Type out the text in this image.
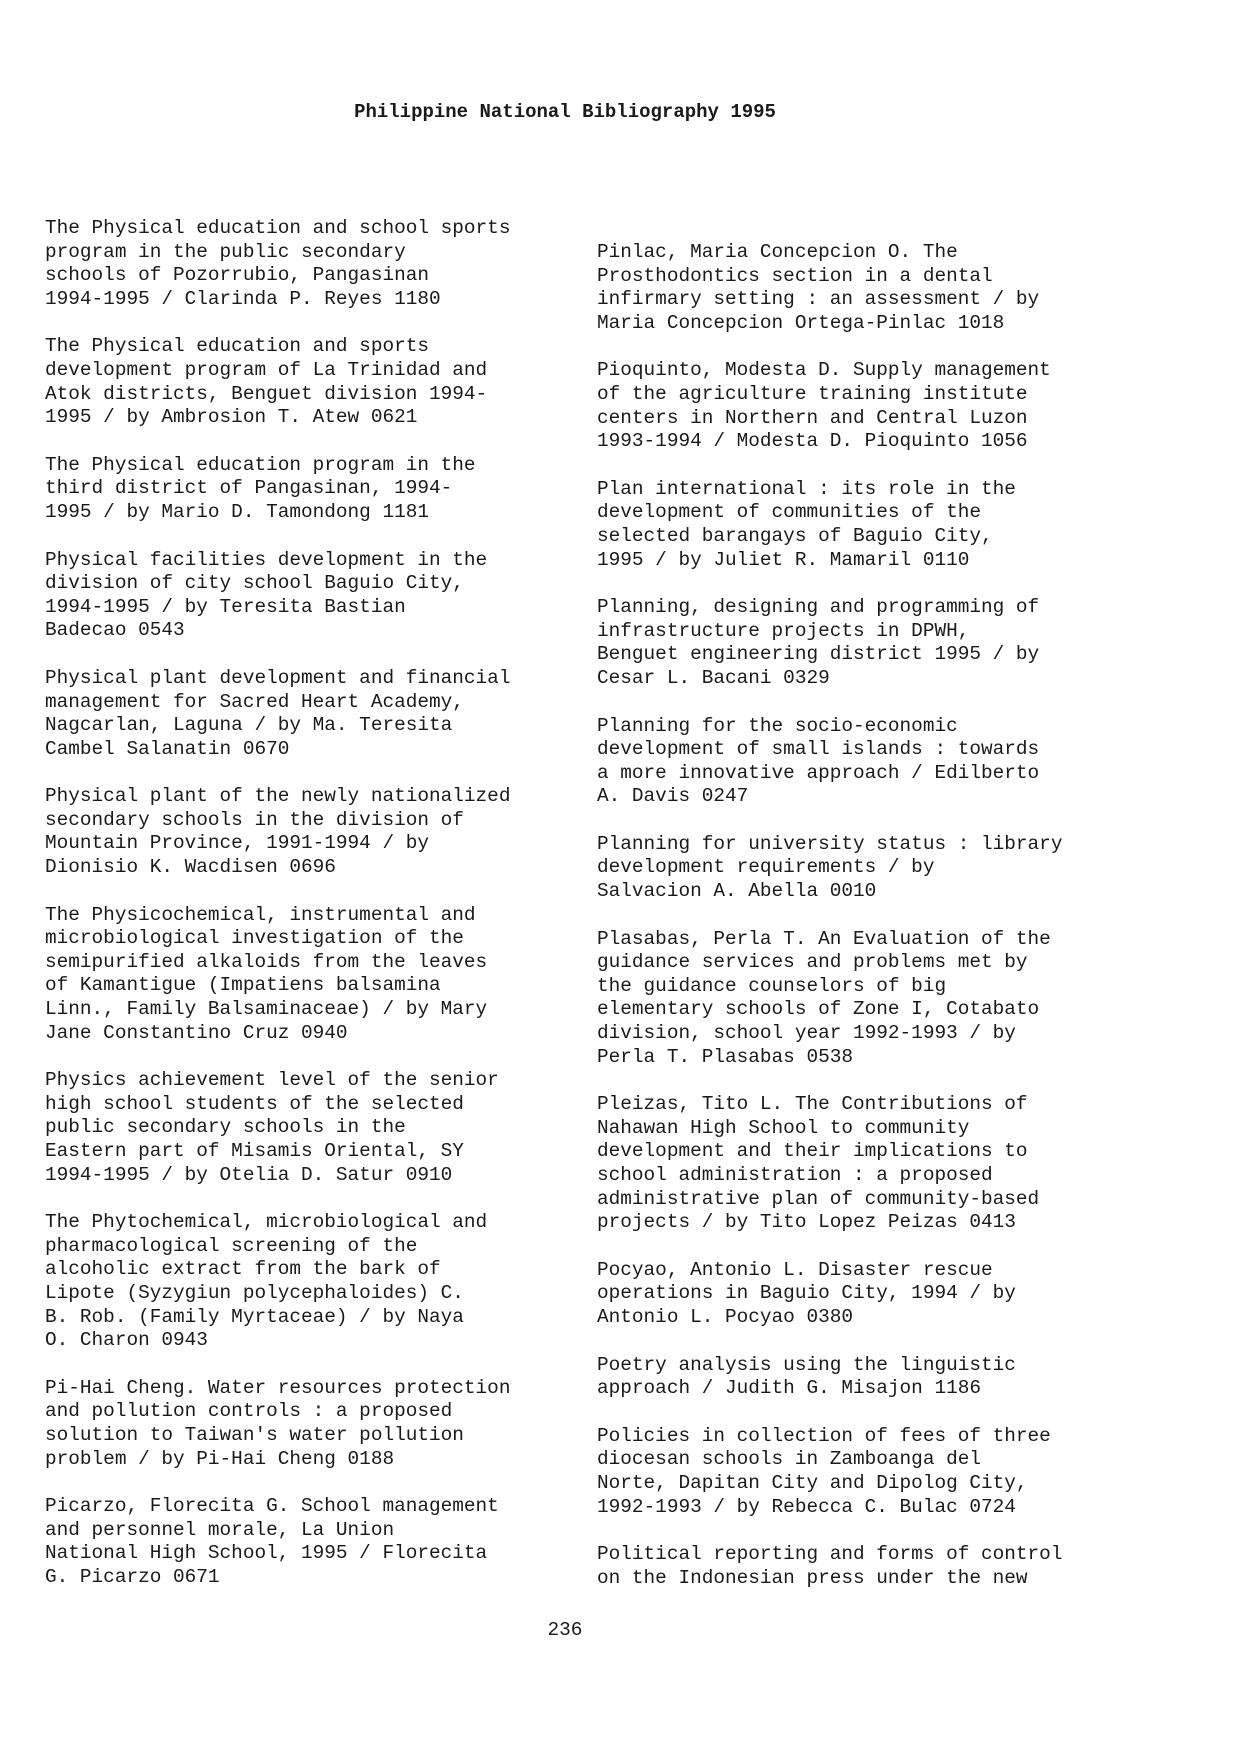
Philippine National Bibliography 1995
The Physical education and school sports
program in the public secondary
schools of Pozorrubio, Pangasinan
1994-1995 / Clarinda P. Reyes 1180
The Physical education and sports
development program of La Trinidad and
Atok districts, Benguet division 1994-
1995 / by Ambrosion T. Atew 0621
The Physical education program in the
third district of Pangasinan, 1994-
1995 / by Mario D. Tamondong 1181
Physical facilities development in the
division of city school Baguio City,
1994-1995 / by Teresita Bastian
Badecao 0543
Physical plant development and financial
management for Sacred Heart Academy,
Nagcarlan, Laguna / by Ma. Teresita
Cambel Salanatin 0670
Physical plant of the newly nationalized
secondary schools in the division of
Mountain Province, 1991-1994 / by
Dionisio K. Wacdisen 0696
The Physicochemical, instrumental and
microbiological investigation of the
semipurified alkaloids from the leaves
of Kamantigue (Impatiens balsamina
Linn., Family Balsaminaceae) / by Mary
Jane Constantino Cruz 0940
Physics achievement level of the senior
high school students of the selected
public secondary schools in the
Eastern part of Misamis Oriental, SY
1994-1995 / by Otelia D. Satur 0910
The Phytochemical, microbiological and
pharmacological screening of the
alcoholic extract from the bark of
Lipote (Syzygiun polycephaloides) C.
B. Rob. (Family Myrtaceae) / by Naya
O. Charon 0943
Pi-Hai Cheng. Water resources protection
and pollution controls : a proposed
solution to Taiwan's water pollution
problem / by Pi-Hai Cheng 0188
Picarzo, Florecita G. School management
and personnel morale, La Union
National High School, 1995 / Florecita
G. Picarzo 0671
Pinlac, Maria Concepcion O. The
Prosthodontics section in a dental
infirmary setting : an assessment / by
Maria Concepcion Ortega-Pinlac 1018
Pioquinto, Modesta D. Supply management
of the agriculture training institute
centers in Northern and Central Luzon
1993-1994 / Modesta D. Pioquinto 1056
Plan international : its role in the
development of communities of the
selected barangays of Baguio City,
1995 / by Juliet R. Mamaril 0110
Planning, designing and programming of
infrastructure projects in DPWH,
Benguet engineering district 1995 / by
Cesar L. Bacani 0329
Planning for the socio-economic
development of small islands : towards
a more innovative approach / Edilberto
A. Davis 0247
Planning for university status : library
development requirements / by
Salvacion A. Abella 0010
Plasabas, Perla T. An Evaluation of the
guidance services and problems met by
the guidance counselors of big
elementary schools of Zone I, Cotabato
division, school year 1992-1993 / by
Perla T. Plasabas 0538
Pleizas, Tito L. The Contributions of
Nahawan High School to community
development and their implications to
school administration : a proposed
administrative plan of community-based
projects / by Tito Lopez Peizas 0413
Pocyao, Antonio L. Disaster rescue
operations in Baguio City, 1994 / by
Antonio L. Pocyao 0380
Poetry analysis using the linguistic
approach / Judith G. Misajon 1186
Policies in collection of fees of three
diocesan schools in Zamboanga del
Norte, Dapitan City and Dipolog City,
1992-1993 / by Rebecca C. Bulac 0724
Political reporting and forms of control
on the Indonesian press under the new
236
